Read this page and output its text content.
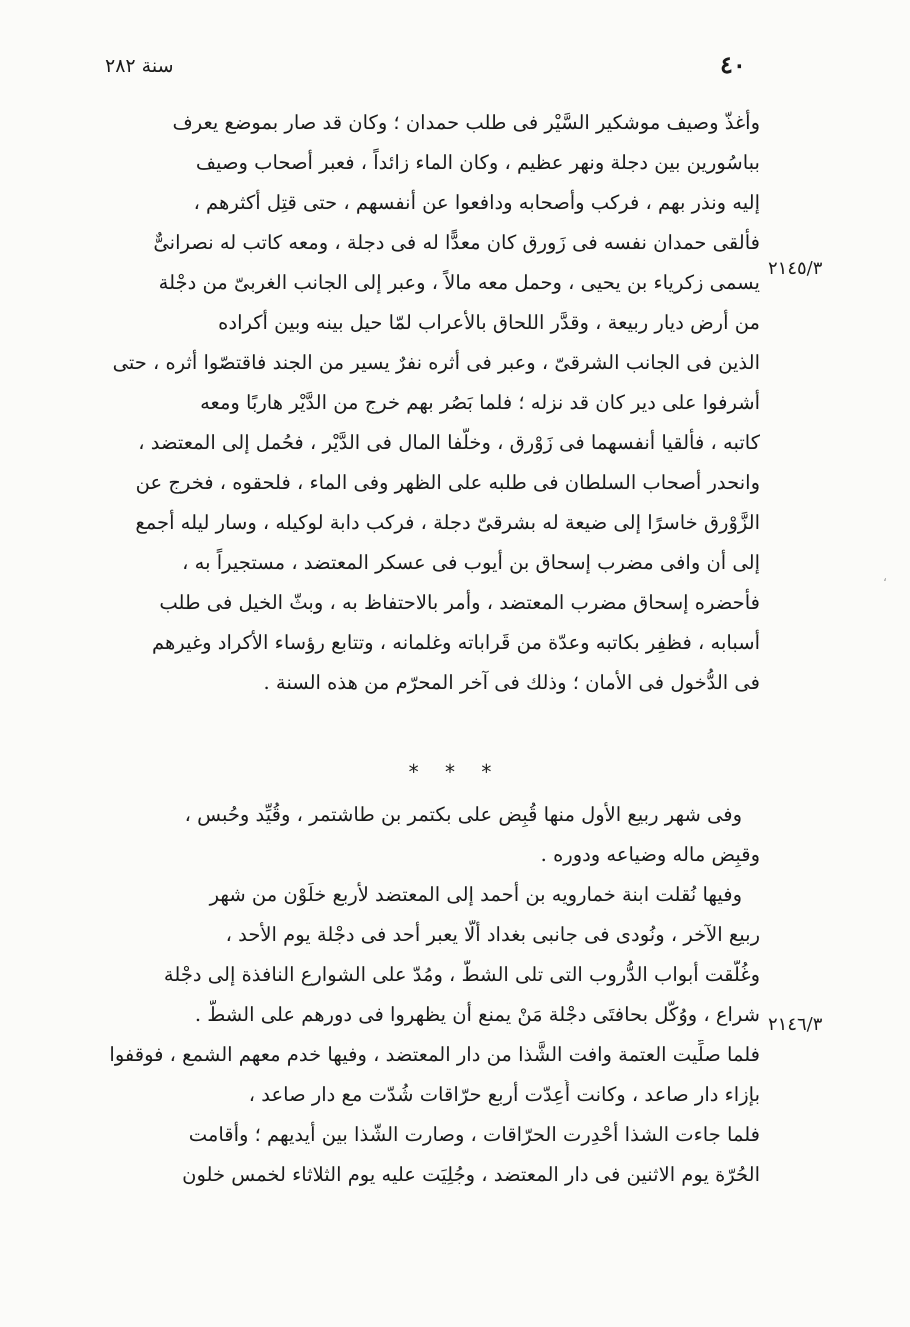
٤٠
سنة ٢٨٢
٢١٤٥/٣
٢١٤٦/٣
،
وأغذّ وصيف موشكير السَّيْر فى طلب حمدان ؛ وكان قد صار بموضع يعرف
بباسُورين بين دجلة ونهر عظيم ، وكان الماء زائداً ، فعبر أصحاب وصيف
إليه ونذر بهم ، فركب وأصحابه ودافعوا عن أنفسهم ، حتى قتِل أكثرهم ،
فألقى حمدان نفسه فى زَورق كان معدًّا له فى دجلة ، ومعه كاتب له نصرانىٌّ
يسمى زكرياء بن يحيى ، وحمل معه مالاً ، وعبر إلى الجانب الغربىّ من دجْلة
من أرض ديار ربيعة ، وقدَّر اللحاق بالأعراب لمّا حيل بينه وبين أكراده
الذين فى الجانب الشرقىّ ، وعبر فى أثره نفرٌ يسير من الجند فاقتصّوا أثره ، حتى
أشرفوا على دير كان قد نزله ؛ فلما بَصُر بهم خرج من الدَّيْر هاربًا ومعه
كاتبه ، فألقيا أنفسهما فى زَوْرق ، وخلّفا المال فى الدَّيْر ، فحُمل إلى المعتضد ،
وانحدر أصحاب السلطان فى طلبه على الظهر وفى الماء ، فلحقوه ، فخرج عن
الزَّوْرق خاسرًا إلى ضيعة له بشرقىّ دجلة ، فركب دابة لوكيله ، وسار ليله أجمع
إلى أن وافى مضرب إسحاق بن أيوب فى عسكر المعتضد ، مستجيراً به ،
فأحضره إسحاق مضرب المعتضد ، وأمر بالاحتفاظ به ، وبثّ الخيل فى طلب
أسبابه ، فظفِر بكاتبه وعدّة من قَراباته وغلمانه ، وتتابع رؤساء الأكراد وغيرهم
فى الدُّخول فى الأمان ؛ وذلك فى آخر المحرّم من هذه السنة .
* * *
وفى شهر ربيع الأول منها قُبِض على بكتمر بن طاشتمر ، وقُيِّد وحُبس ،
وقبِض ماله وضياعه ودوره .
وفيها نُقلت ابنة خمارويه بن أحمد إلى المعتضد لأربع خلَوْن من شهر
ربيع الآخر ، ونُودى فى جانبى بغداد ألّا يعبر أحد فى دجْلة يوم الأحد ،
وغُلّقت أبواب الدُّروب التى تلى الشطّ ، ومُدّ على الشوارع النافذة إلى دجْلة
شراع ، ووُكّل بحافتَى دجْلة مَنْ يمنع أن يظهروا فى دورهم على الشطّ .
فلما صلِّيت العتمة وافت الشَّذا من دار المعتضد ، وفيها خدم معهم الشمع ، فوقفوا
بإزاء دار صاعد ، وكانت أُعِدّت أربع حرّاقات شُدّت مع دار صاعد ،
فلما جاءت الشذا أحْدِرت الحرّاقات ، وصارت الشّذا بين أيديهم ؛ وأقامت
الحُرّة يوم الاثنين فى دار المعتضد ، وجُلِيَت عليه يوم الثلاثاء لخمس خلون
